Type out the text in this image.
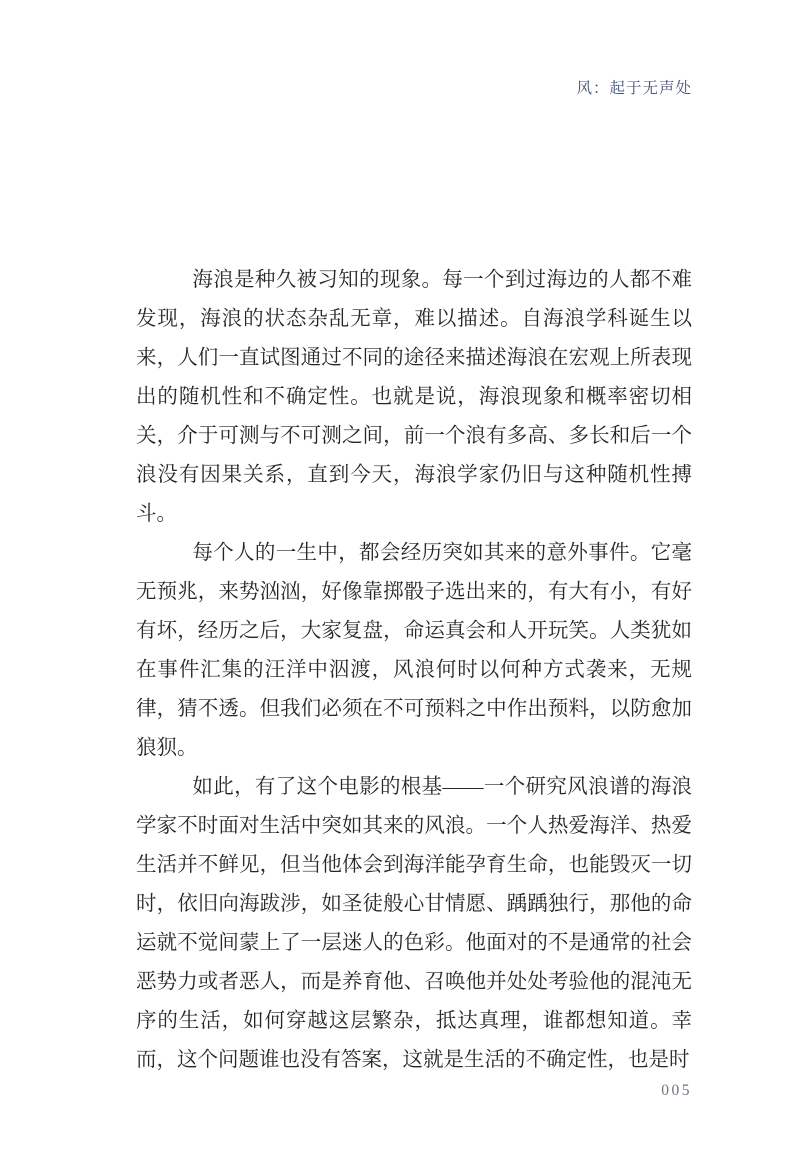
风：起于无声处

海浪是种久被习知的现象。每一个到过海边的人都不难发现，海浪的状态杂乱无章，难以描述。自海浪学科诞生以来，人们一直试图通过不同的途径来描述海浪在宏观上所表现出的随机性和不确定性。也就是说，海浪现象和概率密切相关，介于可测与不可测之间，前一个浪有多高、多长和后一个浪没有因果关系，直到今天，海浪学家仍旧与这种随机性搏斗。

每个人的一生中，都会经历突如其来的意外事件。它毫无预兆，来势汹汹，好像靠掷骰子选出来的，有大有小，有好有坏，经历之后，大家复盘，命运真会和人开玩笑。人类犹如在事件汇集的汪洋中泅渡，风浪何时以何种方式袭来，无规律，猜不透。但我们必须在不可预料之中作出预料，以防愈加狼狈。

如此，有了这个电影的根基——一个研究风浪谱的海浪学家不时面对生活中突如其来的风浪。一个人热爱海洋、热爱生活并不鲜见，但当他体会到海洋能孕育生命，也能毁灭一切时，依旧向海跋涉，如圣徒般心甘情愿、踽踽独行，那他的命运就不觉间蒙上了一层迷人的色彩。他面对的不是通常的社会恶势力或者恶人，而是养育他、召唤他并处处考验他的混沌无序的生活，如何穿越这层繁杂，抵达真理，谁都想知道。幸而，这个问题谁也没有答案，这就是生活的不确定性，也是时

005
